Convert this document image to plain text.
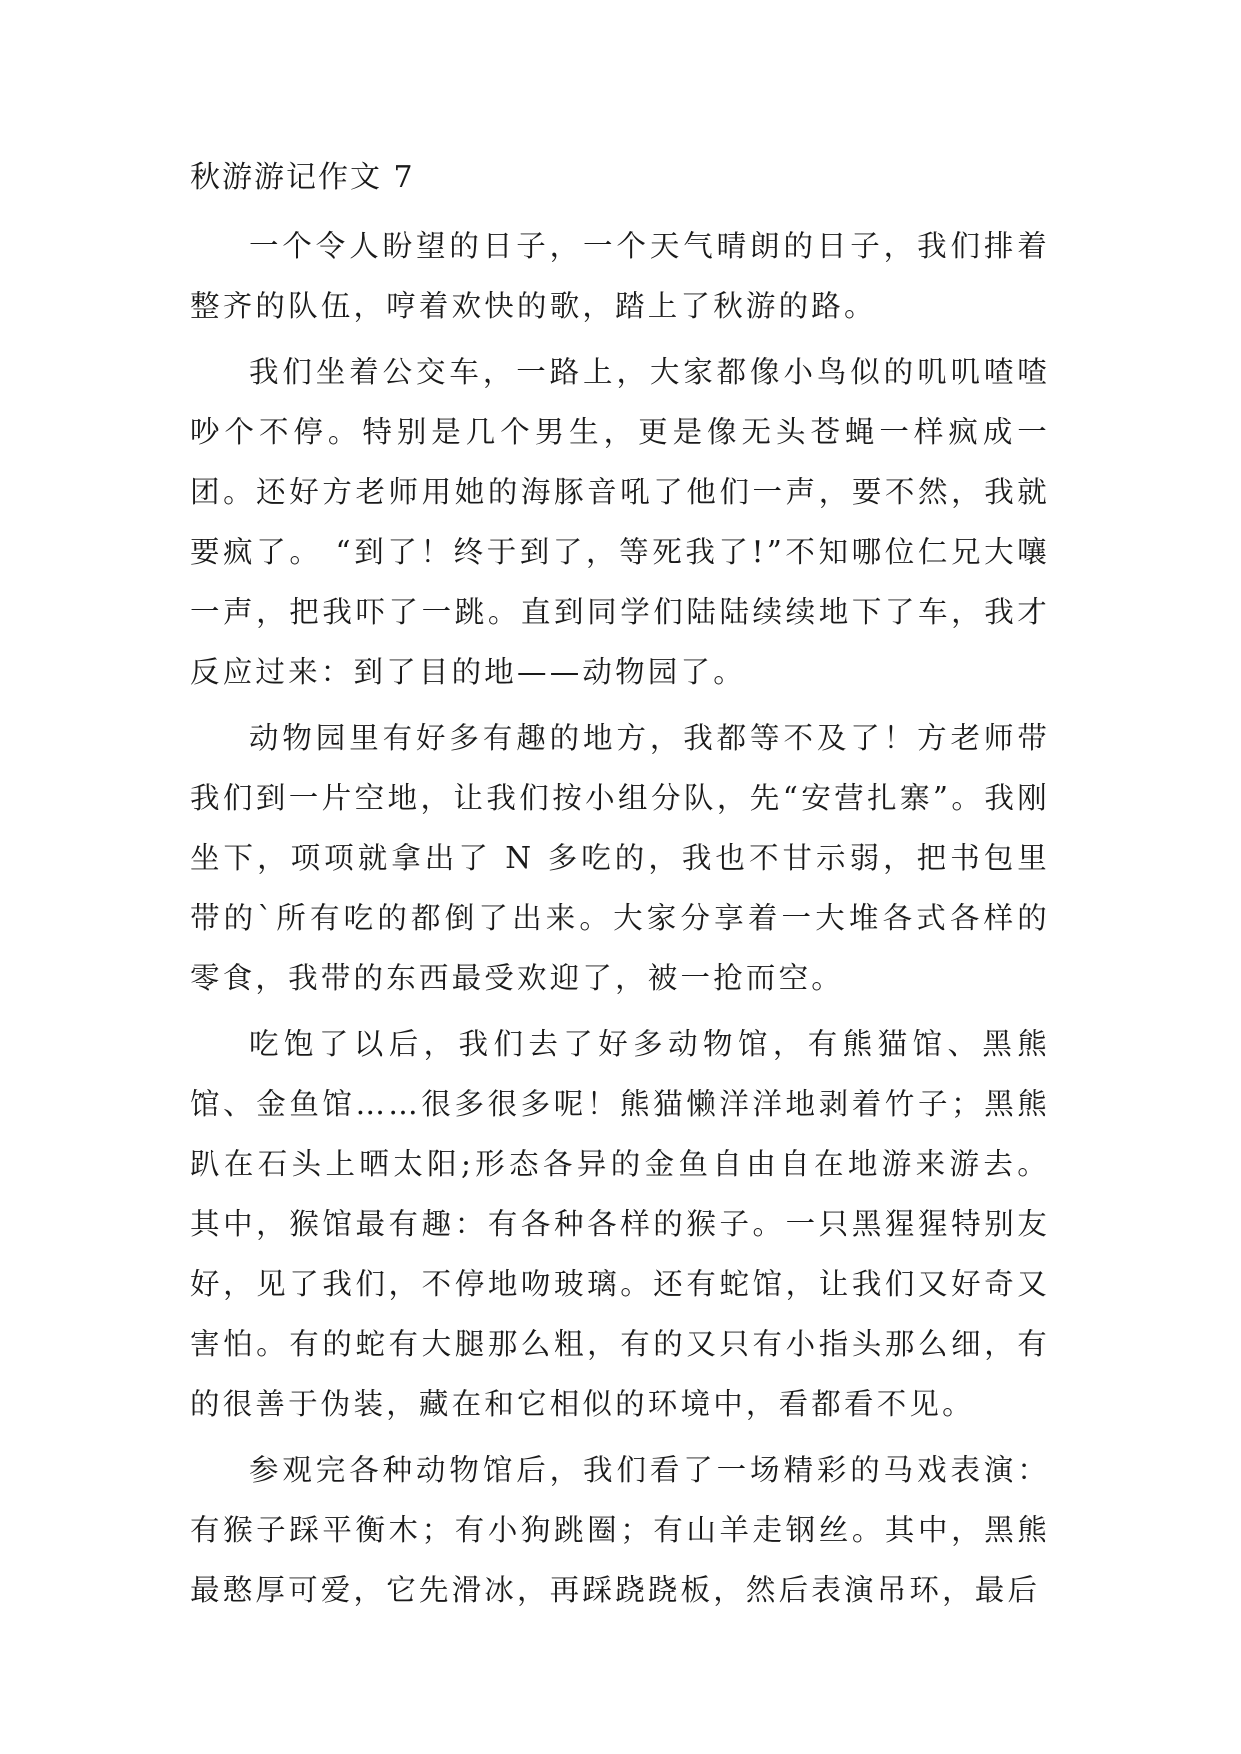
秋游游记作文 7

一个令人盼望的日子，一个天气晴朗的日子，我们排着整齐的队伍，哼着欢快的歌，踏上了秋游的路。

我们坐着公交车，一路上，大家都像小鸟似的叽叽喳喳吵个不停。特别是几个男生，更是像无头苍蝇一样疯成一团。还好方老师用她的海豚音吼了他们一声，要不然，我就要疯了。 “到了！终于到了，等死我了!”不知哪位仁兄大嚷一声，把我吓了一跳。直到同学们陆陆续续地下了车，我才反应过来：到了目的地——动物园了。

动物园里有好多有趣的地方，我都等不及了！方老师带我们到一片空地，让我们按小组分队，先“安营扎寨”。我刚坐下，项项就拿出了 N 多吃的，我也不甘示弱，把书包里带的`所有吃的都倒了出来。大家分享着一大堆各式各样的零食，我带的东西最受欢迎了，被一抢而空。

吃饱了以后，我们去了好多动物馆，有熊猫馆、黑熊馆、金鱼馆……很多很多呢！熊猫懒洋洋地剥着竹子；黑熊趴在石头上晒太阳;形态各异的金鱼自由自在地游来游去。其中，猴馆最有趣：有各种各样的猴子。一只黑猩猩特别友好，见了我们，不停地吻玻璃。还有蛇馆，让我们又好奇又害怕。有的蛇有大腿那么粗，有的又只有小指头那么细，有的很善于伪装，藏在和它相似的环境中，看都看不见。

参观完各种动物馆后，我们看了一场精彩的马戏表演：有猴子踩平衡木；有小狗跳圈；有山羊走钢丝。其中，黑熊最憨厚可爱，它先滑冰，再踩跷跷板，然后表演吊环，最后
